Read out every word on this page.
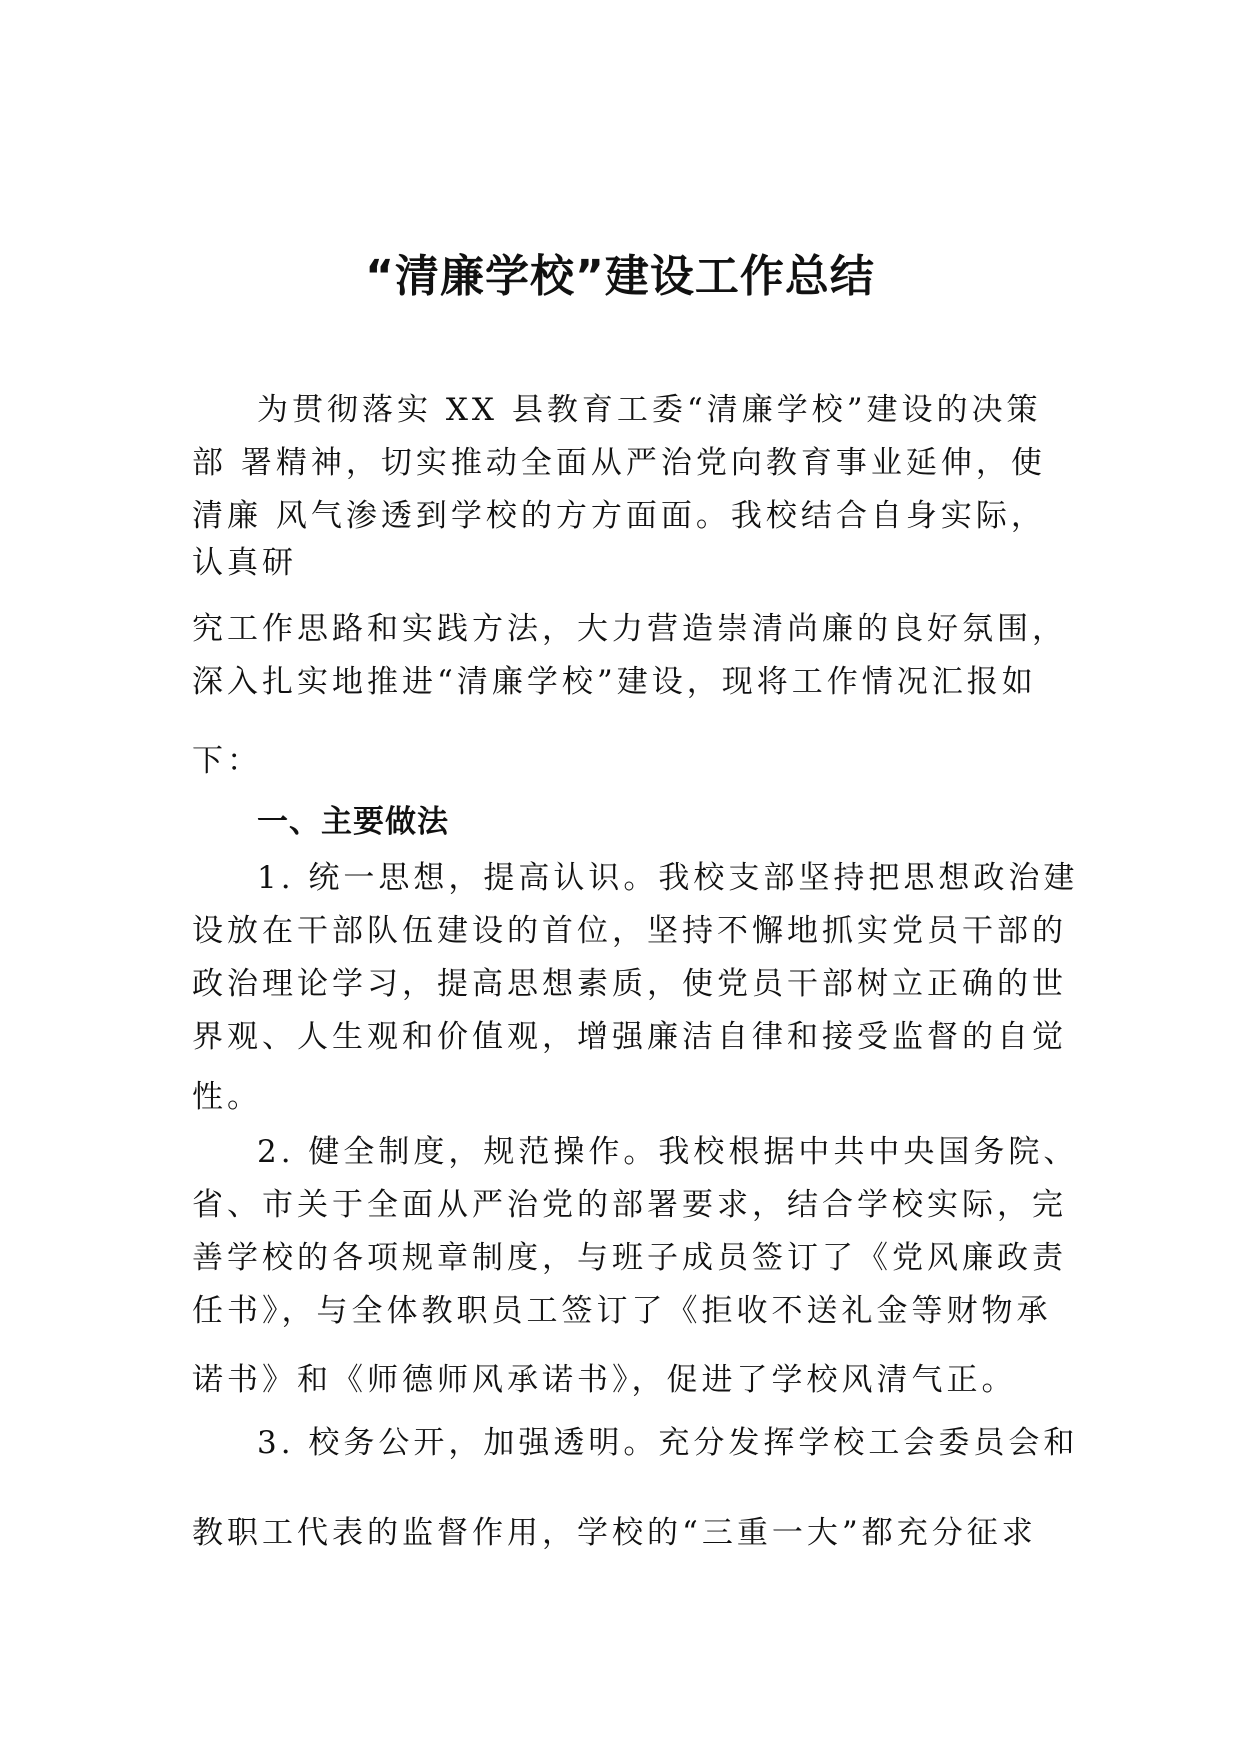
“清廉学校”建设工作总结

为贯彻落实 XX 县教育工委“清廉学校”建设的决策

部 署精神，切实推动全面从严治党向教育事业延伸，使

清廉 风气渗透到学校的方方面面。我校结合自身实际，

认真研

究工作思路和实践方法，大力营造崇清尚廉的良好氛围，

深入扎实地推进“清廉学校”建设，现将工作情况汇报如

下：

一、主要做法

1. 统一思想，提高认识。我校支部坚持把思想政治建

设放在干部队伍建设的首位，坚持不懈地抓实党员干部的

政治理论学习，提高思想素质，使党员干部树立正确的世

界观、人生观和价值观，增强廉洁自律和接受监督的自觉

性。

2. 健全制度，规范操作。我校根据中共中央国务院、

省、市关于全面从严治党的部署要求，结合学校实际，完

善学校的各项规章制度，与班子成员签订了《党风廉政责

任书》，与全体教职员工签订了《拒收不送礼金等财物承

诺书》和《师德师风承诺书》，促进了学校风清气正。

3. 校务公开，加强透明。充分发挥学校工会委员会和

教职工代表的监督作用，学校的“三重一大”都充分征求
